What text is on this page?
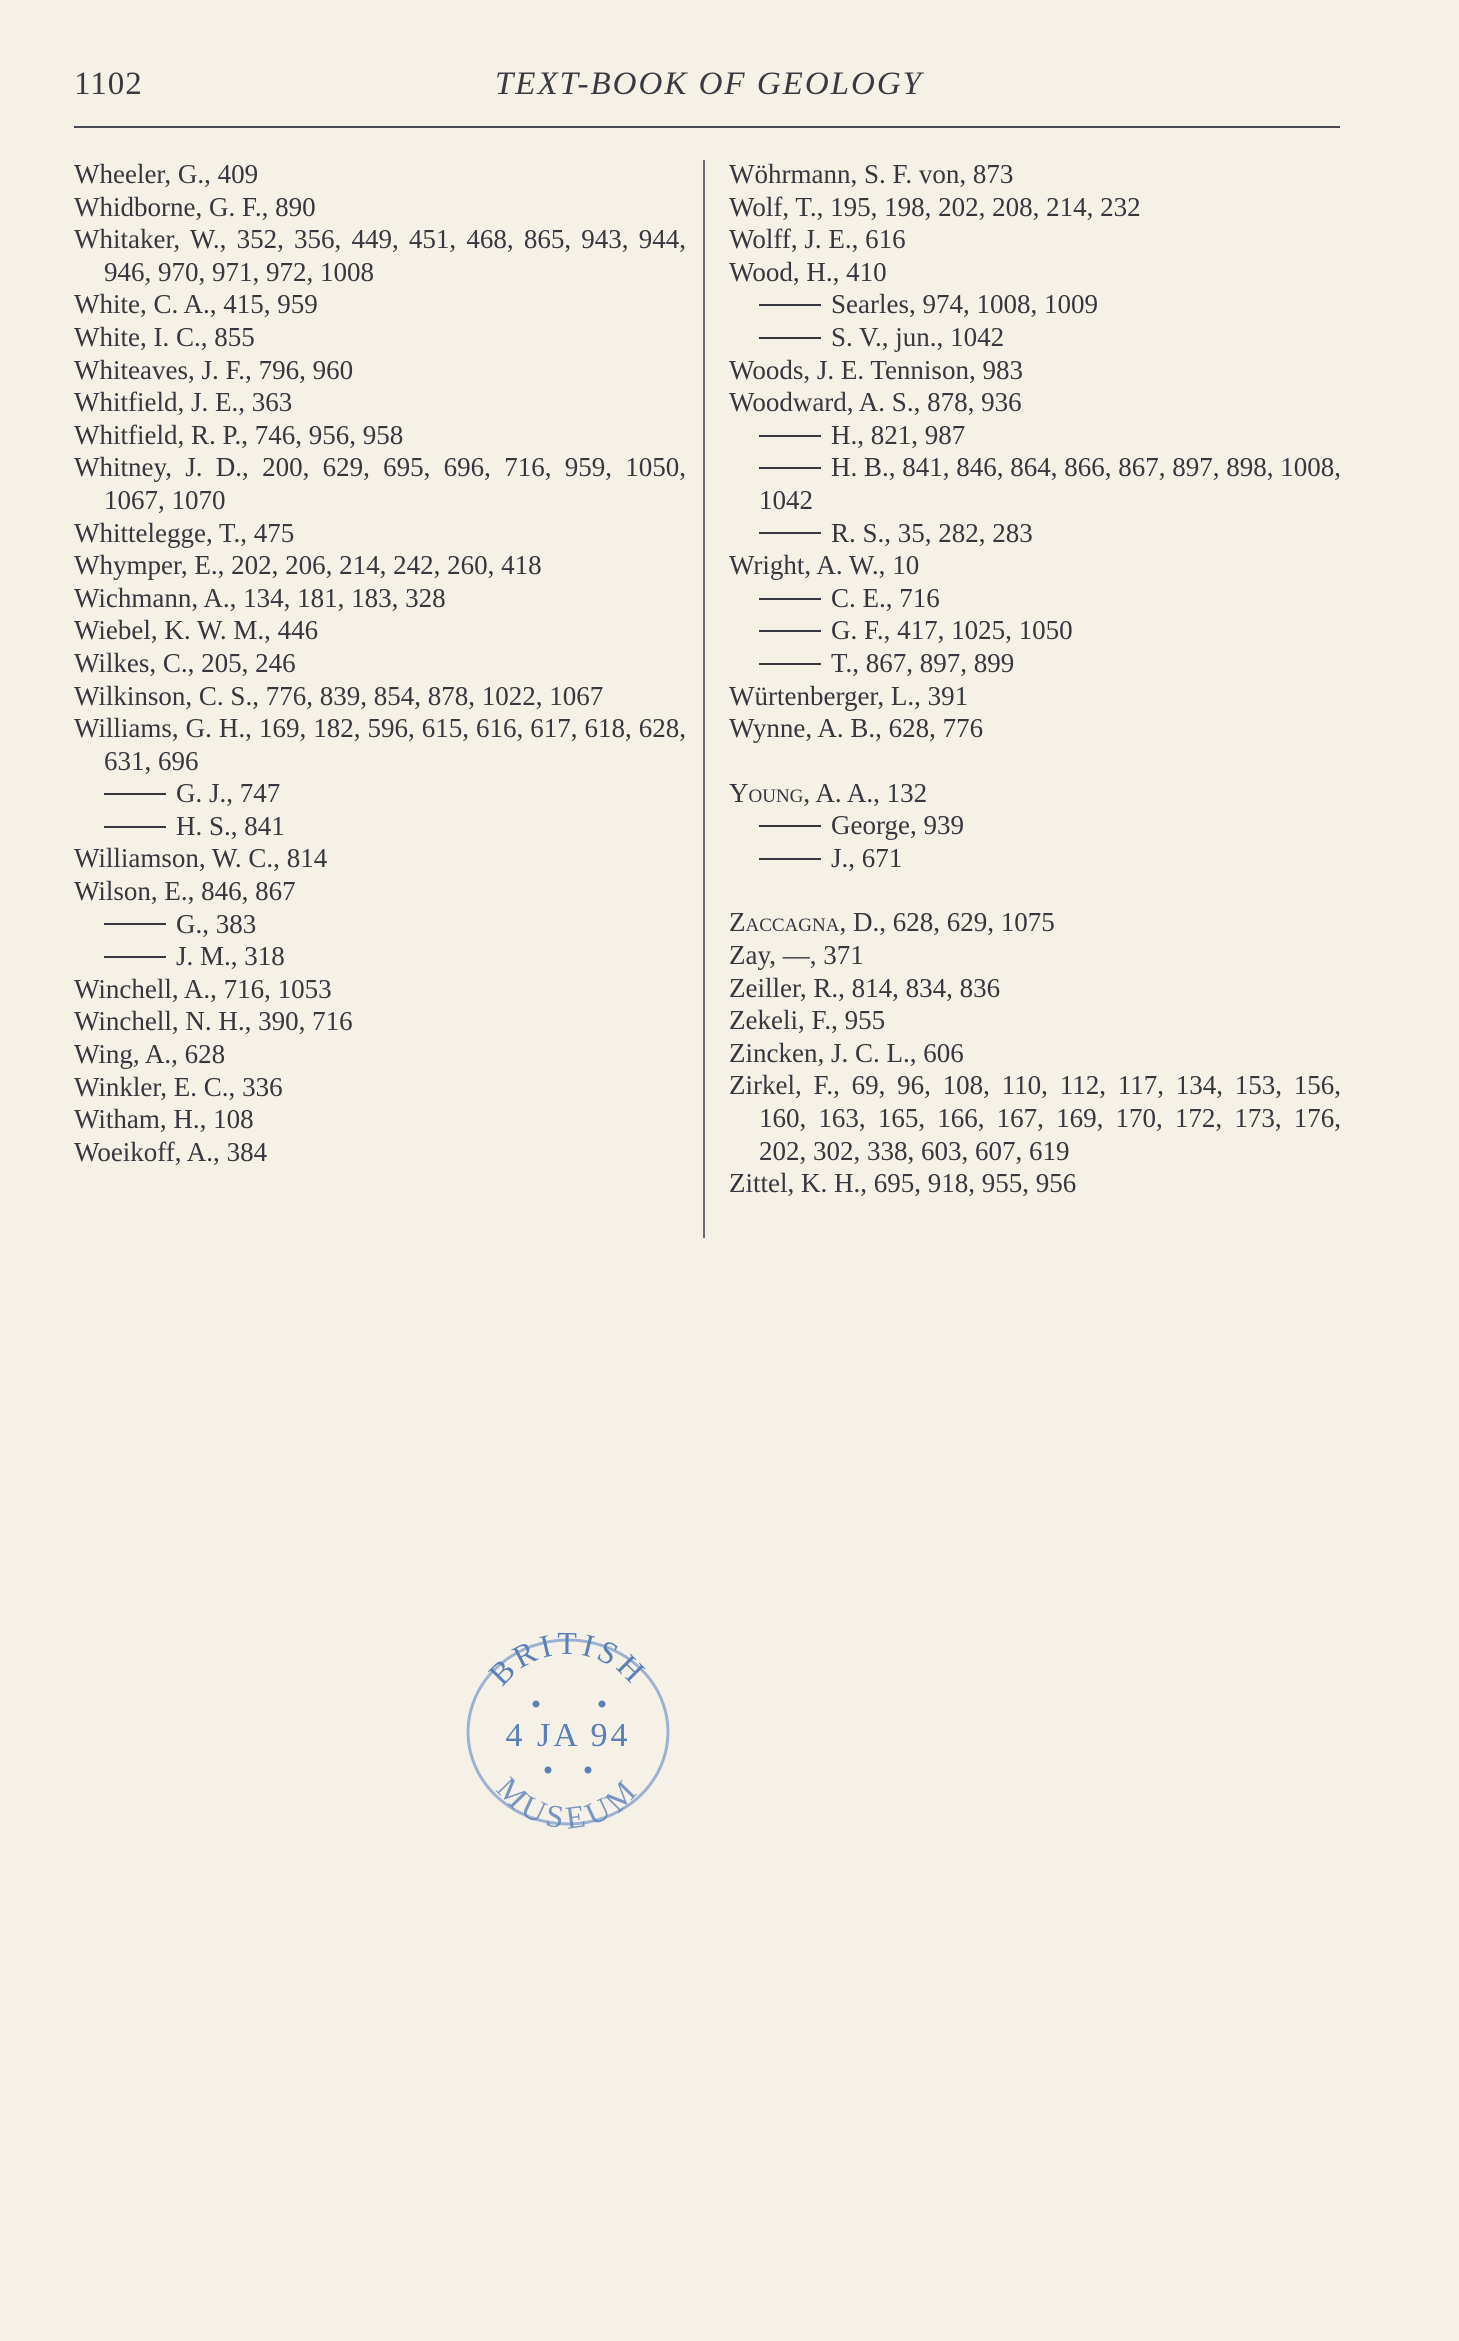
1102	TEXT-BOOK OF GEOLOGY
Wheeler, G., 409
Whidborne, G. F., 890
Whitaker, W., 352, 356, 449, 451, 468, 865, 943, 944, 946, 970, 971, 972, 1008
White, C. A., 415, 959
White, I. C., 855
Whiteaves, J. F., 796, 960
Whitfield, J. E., 363
Whitfield, R. P., 746, 956, 958
Whitney, J. D., 200, 629, 695, 696, 716, 959, 1050, 1067, 1070
Whittelegge, T., 475
Whymper, E., 202, 206, 214, 242, 260, 418
Wichmann, A., 134, 181, 183, 328
Wiebel, K. W. M., 446
Wilkes, C., 205, 246
Wilkinson, C. S., 776, 839, 854, 878, 1022, 1067
Williams, G. H., 169, 182, 596, 615, 616, 617, 618, 628, 631, 696
G. J., 747
H. S., 841
Williamson, W. C., 814
Wilson, E., 846, 867
G., 383
J. M., 318
Winchell, A., 716, 1053
Winchell, N. H., 390, 716
Wing, A., 628
Winkler, E. C., 336
Witham, H., 108
Woeikoff, A., 384
Wöhrmann, S. F. von, 873
Wolf, T., 195, 198, 202, 208, 214, 232
Wolff, J. E., 616
Wood, H., 410
Searles, 974, 1008, 1009
S. V., jun., 1042
Woods, J. E. Tennison, 983
Woodward, A. S., 878, 936
H., 821, 987
H. B., 841, 846, 864, 866, 867, 897, 898, 1008, 1042
R. S., 35, 282, 283
Wright, A. W., 10
C. E., 716
G. F., 417, 1025, 1050
T., 867, 897, 899
Würtenberger, L., 391
Wynne, A. B., 628, 776
Young, A. A., 132
George, 939
J., 671
Zaccagna, D., 628, 629, 1075
Zay, —, 371
Zeiller, R., 814, 834, 836
Zekeli, F., 955
Zincken, J. C. L., 606
Zirkel, F., 69, 96, 108, 110, 112, 117, 134, 153, 156, 160, 163, 165, 166, 167, 169, 170, 172, 173, 176, 202, 302, 338, 603, 607, 619
Zittel, K. H., 695, 918, 955, 956
BRITISH
4 JA 94
MUSEUM
